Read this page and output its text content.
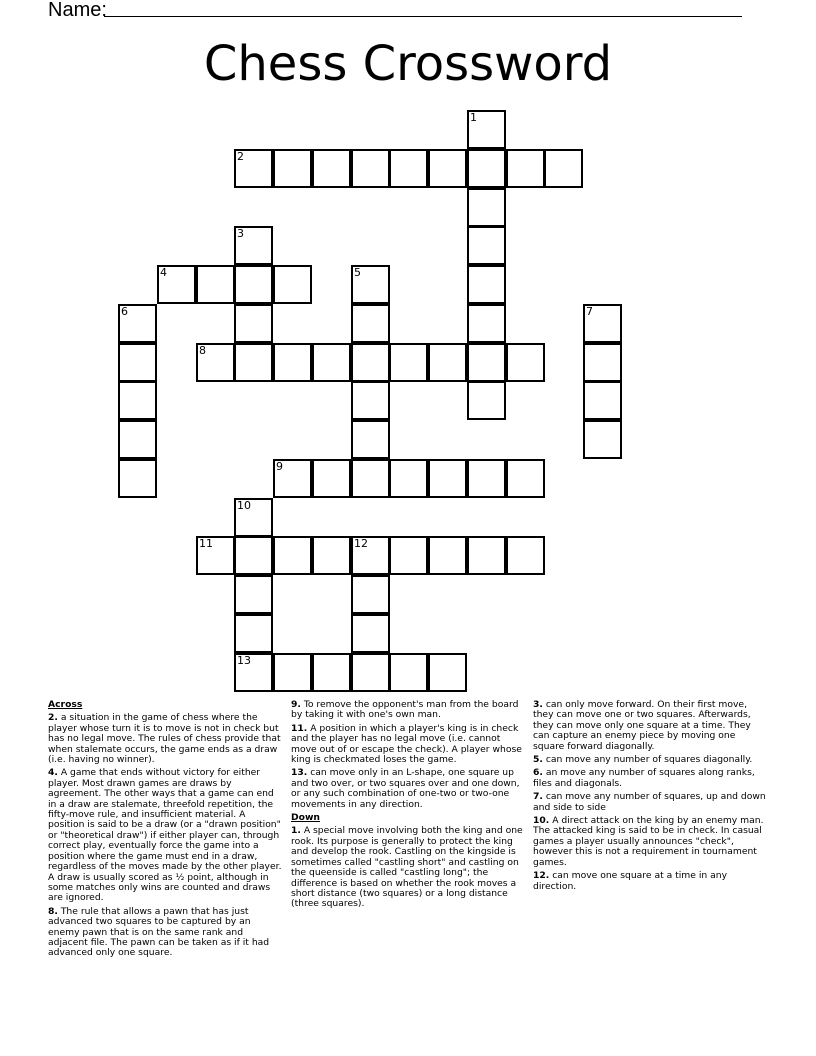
Name:
Chess Crossword
1
2
3
4	5
6	7
8
9
10
13
11	12
Across
2. a situation in the game of chess where the player whose turn it is to move is not in check but has no legal move. The rules of chess provide that when stalemate occurs, the game ends as a draw (i.e. having no winner).
4. A game that ends without victory for either player. Most drawn games are draws by agreement. The other ways that a game can end in a draw are stalemate, threefold repetition, the fifty-move rule, and insufficient material. A position is said to be a draw (or a "drawn position" or "theoretical draw") if either player can, through correct play, eventually force the game into a position where the game must end in a draw, regardless of the moves made by the other player. A draw is usually scored as ½ point, although in some matches only wins are counted and draws are ignored.
8. The rule that allows a pawn that has just advanced two squares to be captured by an enemy pawn that is on the same rank and adjacent file. The pawn can be taken as if it had advanced only one square.
9. To remove the opponent's man from the board by taking it with one's own man.
11. A position in which a player's king is in check and the player has no legal move (i.e. cannot move out of or escape the check). A player whose king is checkmated loses the game.
13. can move only in an L-shape, one square up and two over, or two squares over and one down, or any such combination of one-two or two-one movements in any direction.
Down
1. A special move involving both the king and one rook. Its purpose is generally to protect the king and develop the rook. Castling on the kingside is sometimes called "castling short" and castling on the queenside is called "castling long"; the difference is based on whether the rook moves a short distance (two squares) or a long distance (three squares).
3. can only move forward. On their first move, they can move one or two squares. Afterwards, they can move only one square at a time. They can capture an enemy piece by moving one square forward diagonally.
5. can move any number of squares diagonally.
6. an move any number of squares along ranks, files and diagonals.
7. can move any number of squares, up and down and side to side
10. A direct attack on the king by an enemy man. The attacked king is said to be in check. In casual games a player usually announces "check", however this is not a requirement in tournament games.
12. can move one square at a time in any direction.
